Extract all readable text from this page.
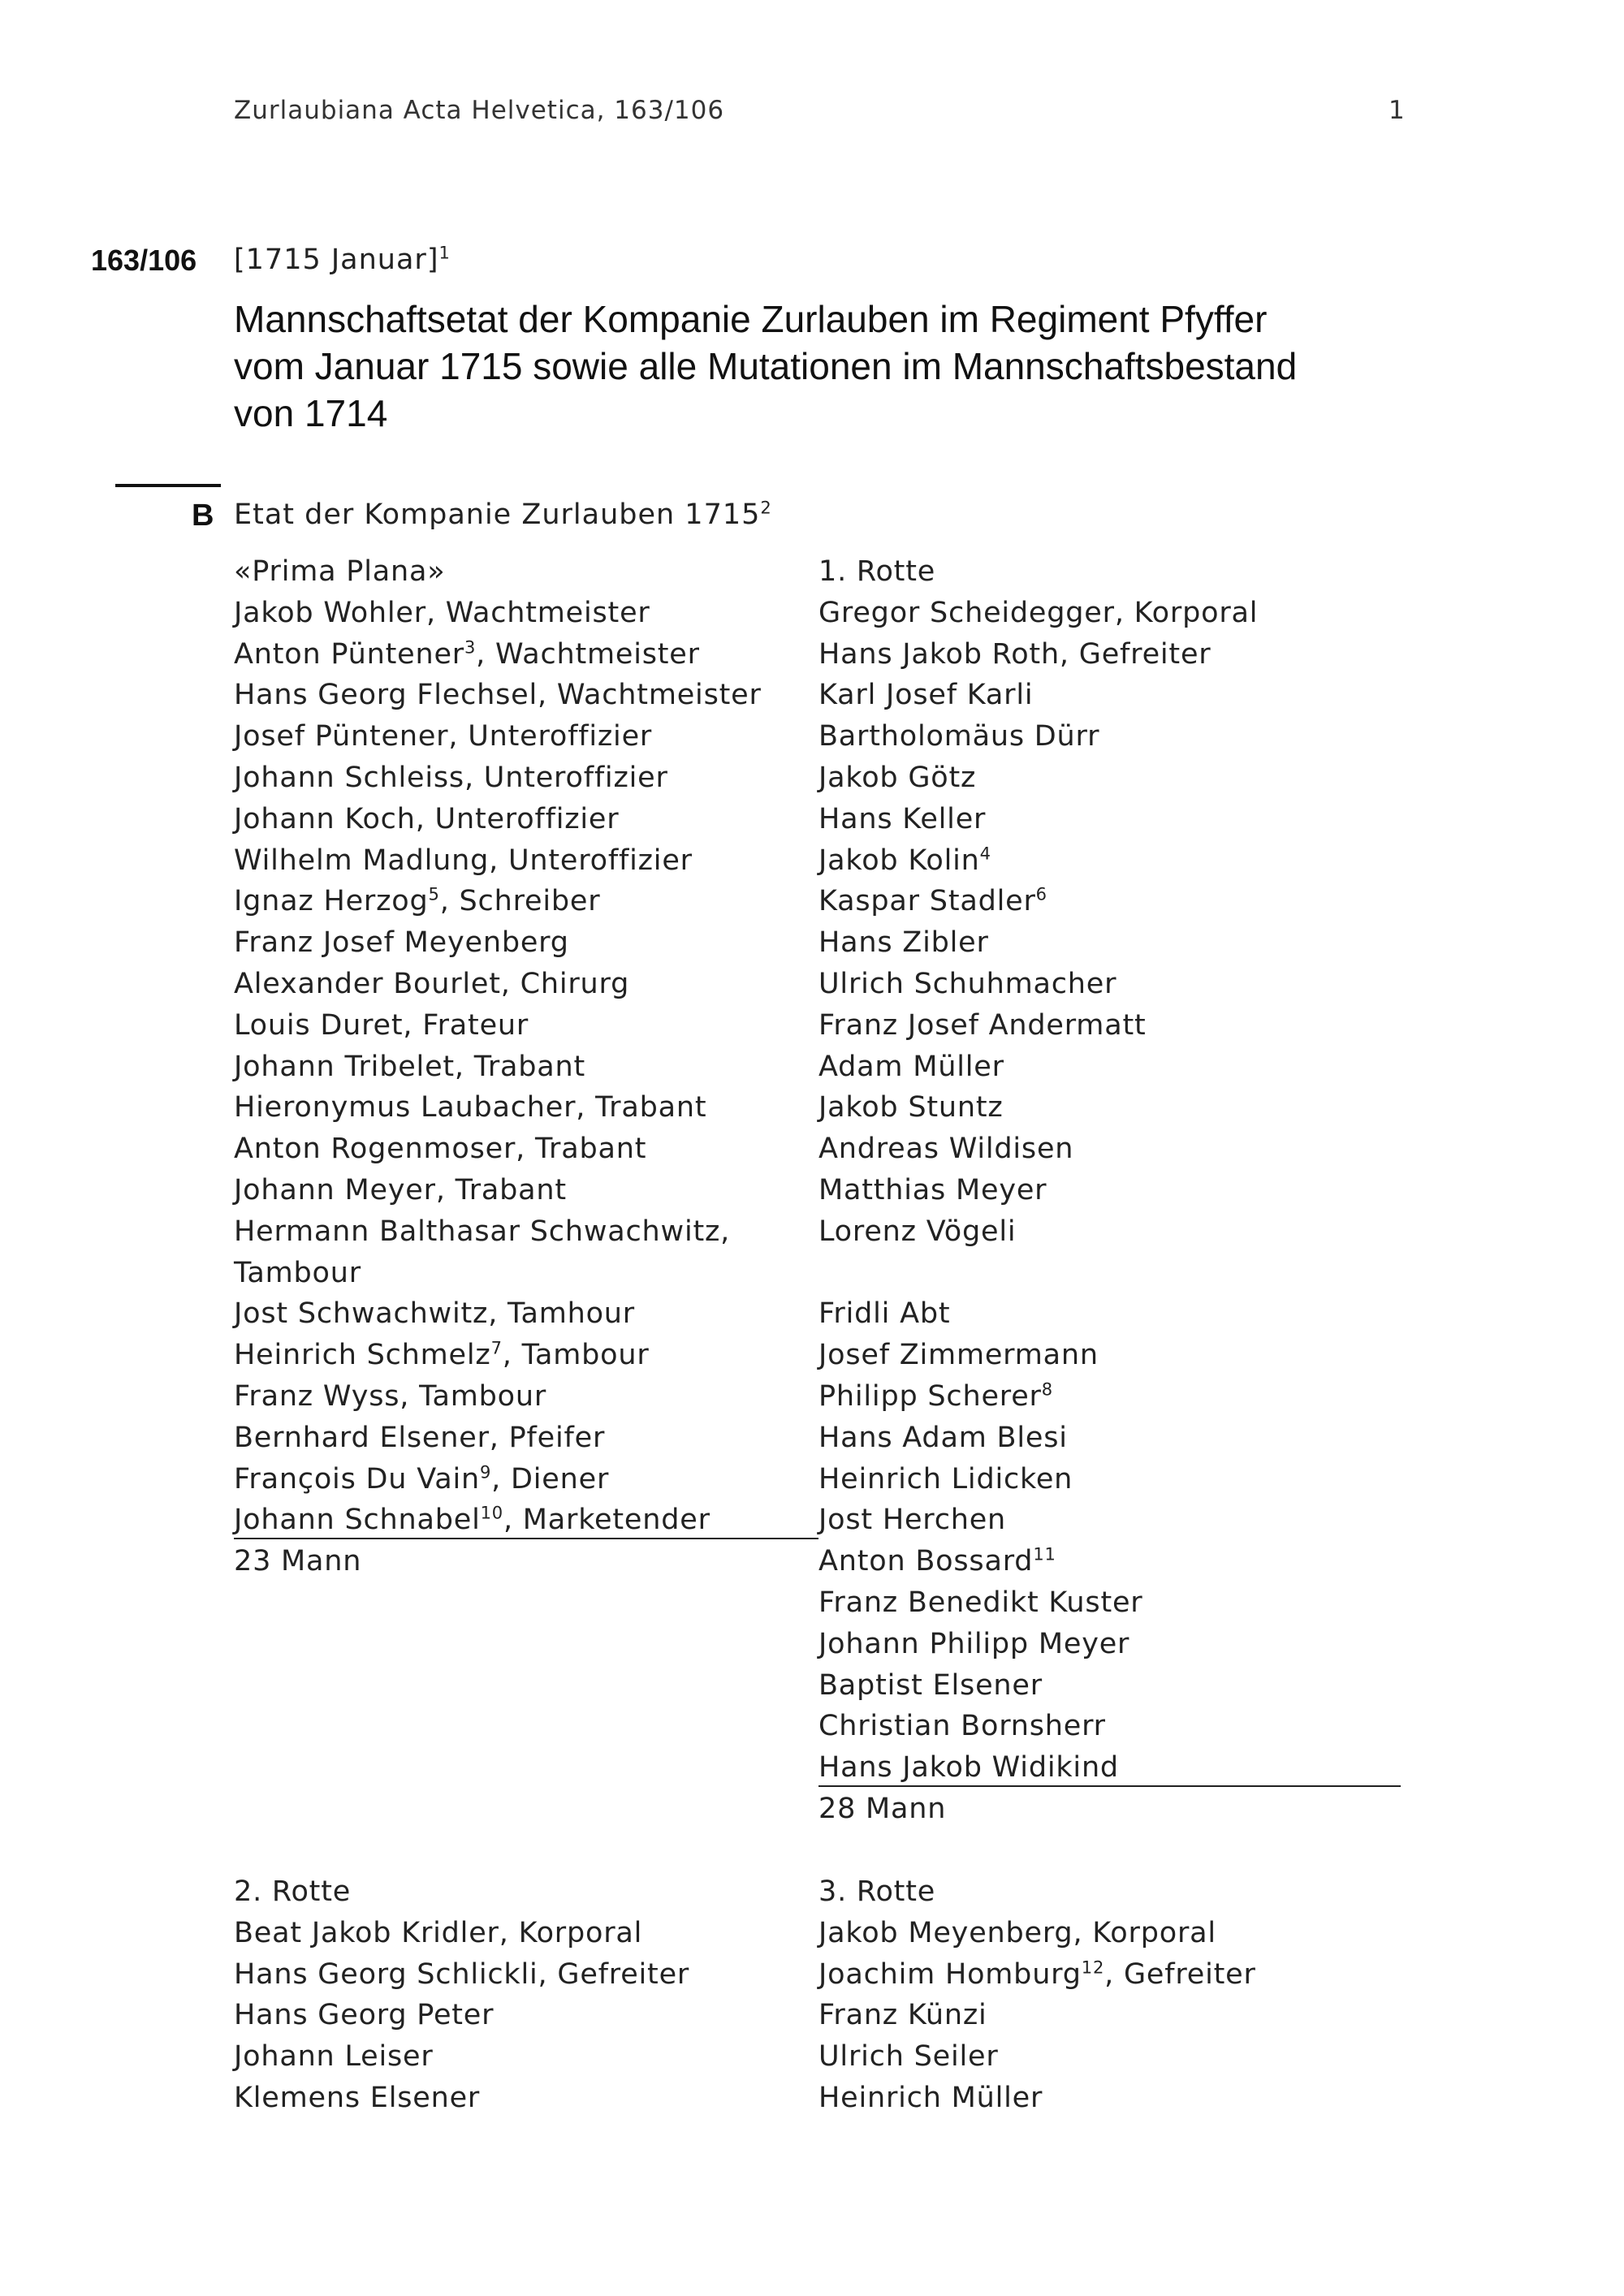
Zurlaubiana Acta Helvetica, 163/106	1
163/106 [1715 Januar]$^1$
Mannschaftsetat der Kompanie Zurlauben im Regiment Pfyffer
vom Januar 1715 sowie alle Mutationen im Mannschaftsbestand
von 1714
B Etat der Kompanie Zurlauben 1715$^2$
«Prima Plana»
Jakob Wohler, Wachtmeister
Anton Püntener$^3$, Wachtmeister
Hans Georg Flechsel, Wachtmeister
Josef Püntener, Unteroffizier
Johann Schleiss, Unteroffizier
Johann Koch, Unteroffizier
Wilhelm Madlung, Unteroffizier
Ignaz Herzog$^5$, Schreiber
Franz Josef Meyenberg
Alexander Bourlet, Chirurg
Louis Duret, Frateur
Johann Tribelet, Trabant
Hieronymus Laubacher, Trabant
Anton Rogenmoser, Trabant
Johann Meyer, Trabant
Hermann Balthasar Schwachwitz,
Tambour
Jost Schwachwitz, Tamhour
Heinrich Schmelz$^7$, Tambour
Franz Wyss, Tambour
Bernhard Elsener, Pfeifer
François Du Vain$^9$, Diener
Johann Schnabel$^{10}$, Marketender
23 Mann
1. Rotte
Gregor Scheidegger, Korporal
Hans Jakob Roth, Gefreiter
Karl Josef Karli
Bartholomäus Dürr
Jakob Götz
Hans Keller
Jakob Kolin$^4$
Kaspar Stadler$^6$
Hans Zibler
Ulrich Schuhmacher
Franz Josef Andermatt
Adam Müller
Jakob Stuntz
Andreas Wildisen
Matthias Meyer
Lorenz Vögeli
Fridli Abt
Josef Zimmermann
Philipp Scherer$^8$
Hans Adam Blesi
Heinrich Lidicken
Jost Herchen
Anton Bossard$^{11}$
Franz Benedikt Kuster
Johann Philipp Meyer
Baptist Elsener
Christian Bornsherr
Hans Jakob Widikind
28 Mann
2. Rotte
Beat Jakob Kridler, Korporal
Hans Georg Schlickli, Gefreiter
Hans Georg Peter
Johann Leiser
Klemens Elsener
3. Rotte
Jakob Meyenberg, Korporal
Joachim Homburg$^{12}$, Gefreiter
Franz Künzi
Ulrich Seiler
Heinrich Müller
